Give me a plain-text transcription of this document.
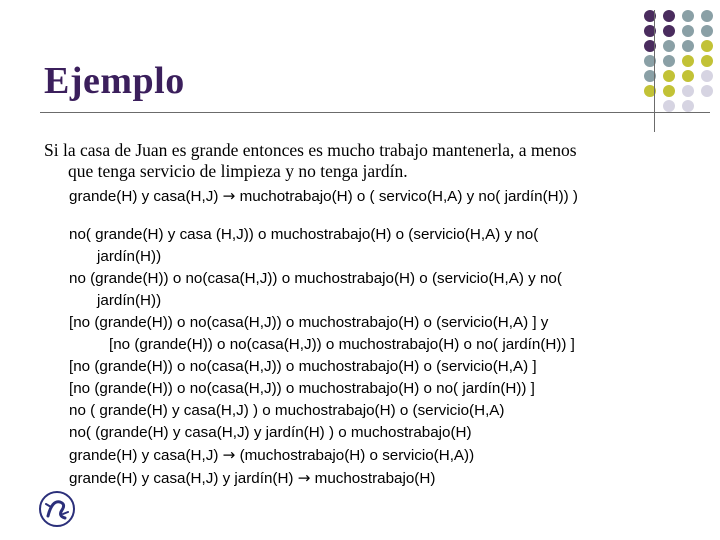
Ejemplo
Si la casa de Juan es grande entonces es mucho trabajo mantenerla, a menos
que tenga servicio de limpieza y no tenga jardín.
grande(H) y casa(H,J) → muchotrabajo(H) o ( servico(H,A) y no( jardín(H)) )
no( grande(H) y casa (H,J)) o muchostrabajo(H) o (servicio(H,A) y no(
jardín(H))
no (grande(H)) o no(casa(H,J)) o muchostrabajo(H) o (servicio(H,A) y no(
jardín(H))
[no (grande(H)) o no(casa(H,J)) o muchostrabajo(H) o (servicio(H,A) ] y
[no (grande(H)) o no(casa(H,J)) o muchostrabajo(H) o no( jardín(H)) ]
[no (grande(H)) o no(casa(H,J)) o muchostrabajo(H) o (servicio(H,A) ]
[no (grande(H)) o no(casa(H,J)) o muchostrabajo(H) o no( jardín(H)) ]
no ( grande(H) y casa(H,J) ) o muchostrabajo(H) o (servicio(H,A)
no( (grande(H) y casa(H,J) y jardín(H) ) o muchostrabajo(H)
grande(H) y casa(H,J) → (muchostrabajo(H) o servicio(H,A))
grande(H) y casa(H,J) y jardín(H) → muchostrabajo(H)
